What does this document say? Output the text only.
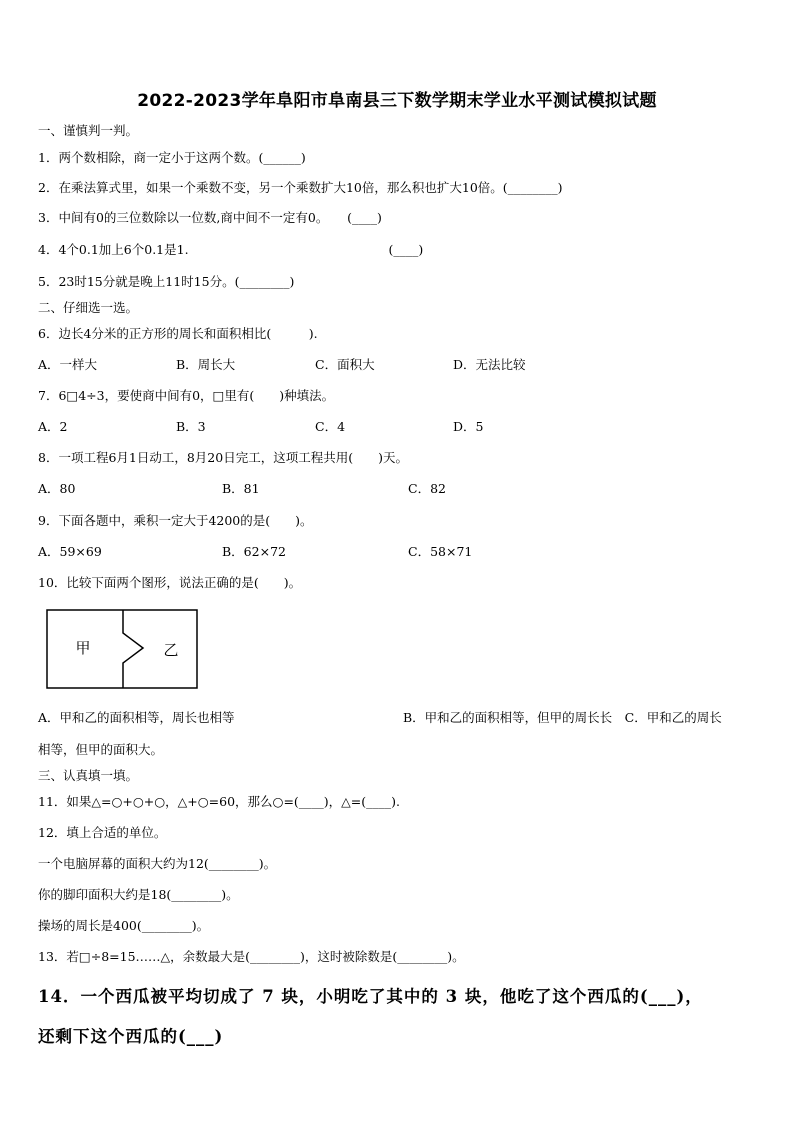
2022-2023学年阜阳市阜南县三下数学期末学业水平测试模拟试题
一、谨慎判一判。
1．两个数相除，商一定小于这两个数。(______)
2．在乘法算式里，如果一个乘数不变，另一个乘数扩大10倍，那么积也扩大10倍。(________)
3．中间有0的三位数除以一位数,商中间不一定有0。　　(____)
4．4个0.1加上6个0.1是1.　　　　　　　　　　　　　　　　(____)
5．23时15分就是晚上11时15分。(________)
二、仔细选一选。
6．边长4分米的正方形的周长和面积相比(　　　).
A．一样大	B．周长大	C．面积大	D．无法比较
7．6□4÷3，要使商中间有0，□里有(　　)种填法。
A．2	B．3	C．4	D．5
8．一项工程6月1日动工，8月20日完工，这项工程共用(　　)天。
A．80	B．81	C．82
9．下面各题中，乘积一定大于4200的是(　　)。
A．59×69	B．62×72	C．58×71
10．比较下面两个图形，说法正确的是(　　)。
甲	乙
A．甲和乙的面积相等，周长也相等	B．甲和乙的面积相等，但甲的周长长　C．甲和乙的周长
相等，但甲的面积大。
三、认真填一填。
11．如果△=○+○+○，△+○=60，那么○=(____)，△=(____).
12．填上合适的单位。
一个电脑屏幕的面积大约为12(________)。
你的脚印面积大约是18(________)。
操场的周长是400(________)。
13．若□÷8=15……△，余数最大是(________)，这时被除数是(________)。
14．一个西瓜被平均切成了 7 块，小明吃了其中的 3 块，他吃了这个西瓜的(___)，
还剩下这个西瓜的(___)
